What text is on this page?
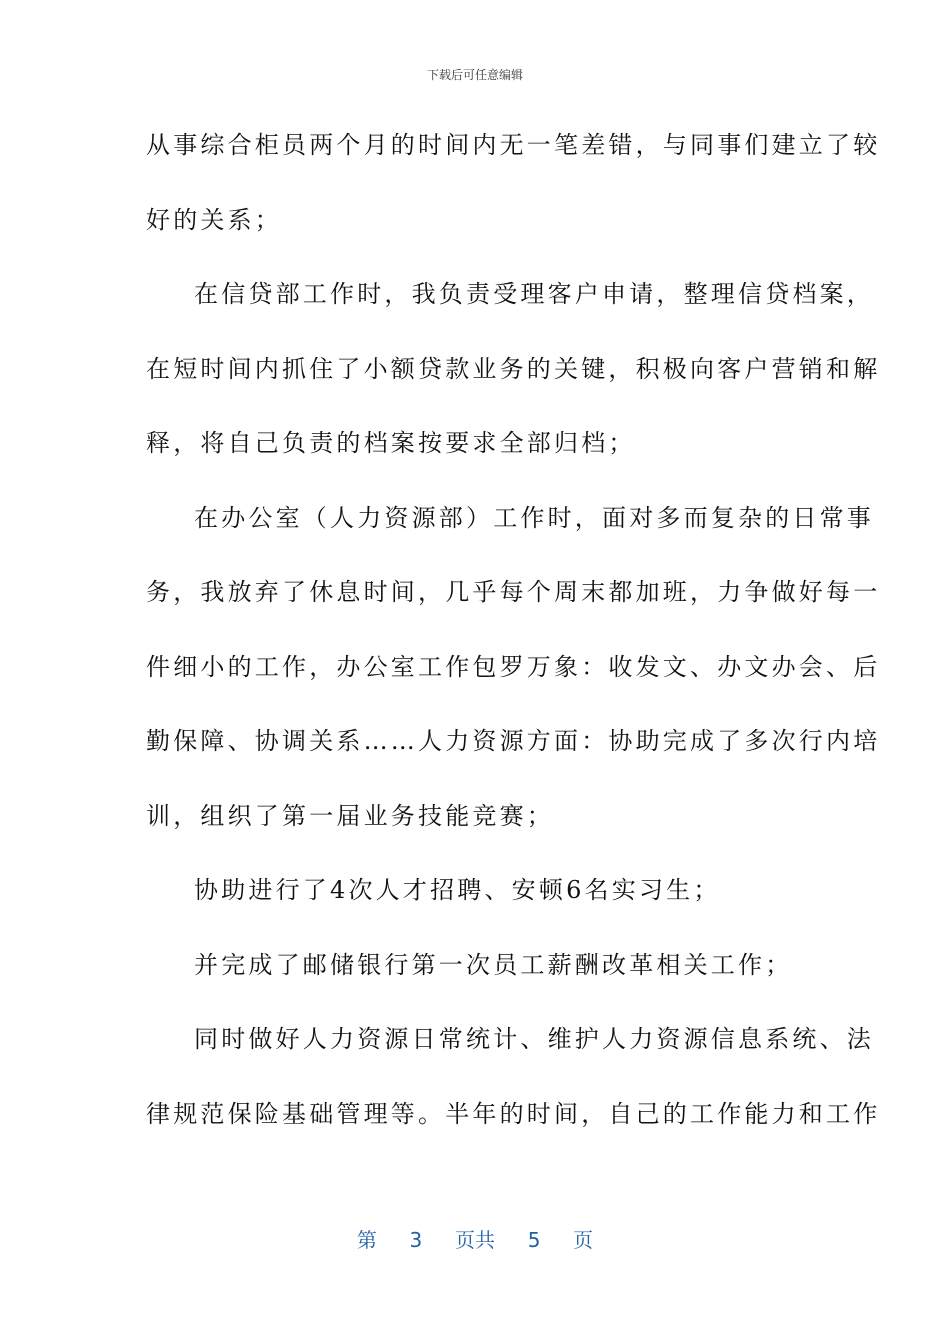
下载后可任意编辑
从事综合柜员两个月的时间内无一笔差错，与同事们建立了较
好的关系；
在信贷部工作时，我负责受理客户申请，整理信贷档案，
在短时间内抓住了小额贷款业务的关键，积极向客户营销和解
释，将自己负责的档案按要求全部归档；
在办公室（人力资源部）工作时，面对多而复杂的日常事
务，我放弃了休息时间，几乎每个周末都加班，力争做好每一
件细小的工作，办公室工作包罗万象：收发文、办文办会、后
勤保障、协调关系……人力资源方面：协助完成了多次行内培
训，组织了第一届业务技能竞赛；
协助进行了4次人才招聘、安顿6名实习生；
并完成了邮储银行第一次员工薪酬改革相关工作；
同时做好人力资源日常统计、维护人力资源信息系统、法
律规范保险基础管理等。半年的时间，自己的工作能力和工作
第 3 页共 5 页
